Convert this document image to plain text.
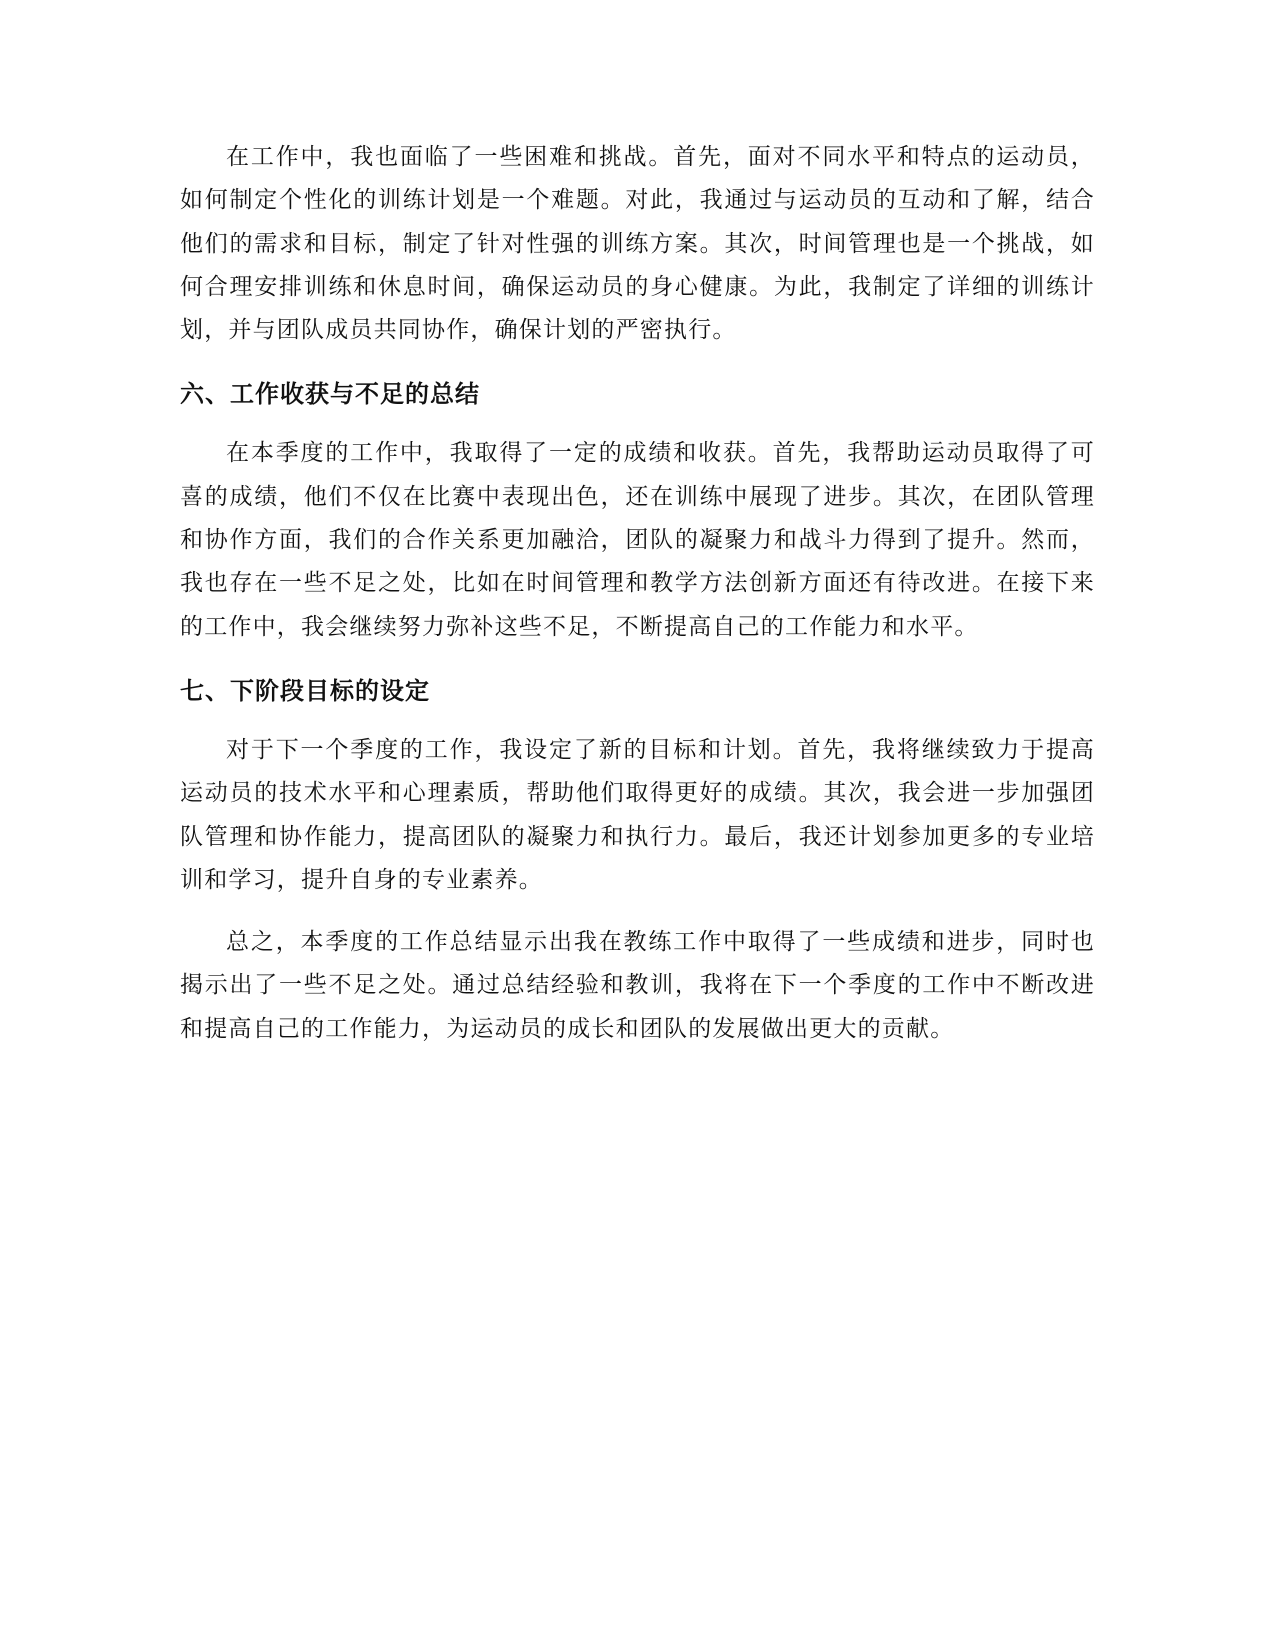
在工作中，我也面临了一些困难和挑战。首先，面对不同水平和特点的运动员，如何制定个性化的训练计划是一个难题。对此，我通过与运动员的互动和了解，结合他们的需求和目标，制定了针对性强的训练方案。其次，时间管理也是一个挑战，如何合理安排训练和休息时间，确保运动员的身心健康。为此，我制定了详细的训练计划，并与团队成员共同协作，确保计划的严密执行。

六、工作收获与不足的总结

在本季度的工作中，我取得了一定的成绩和收获。首先，我帮助运动员取得了可喜的成绩，他们不仅在比赛中表现出色，还在训练中展现了进步。其次，在团队管理和协作方面，我们的合作关系更加融洽，团队的凝聚力和战斗力得到了提升。然而，我也存在一些不足之处，比如在时间管理和教学方法创新方面还有待改进。在接下来的工作中，我会继续努力弥补这些不足，不断提高自己的工作能力和水平。

七、下阶段目标的设定

对于下一个季度的工作，我设定了新的目标和计划。首先，我将继续致力于提高运动员的技术水平和心理素质，帮助他们取得更好的成绩。其次，我会进一步加强团队管理和协作能力，提高团队的凝聚力和执行力。最后，我还计划参加更多的专业培训和学习，提升自身的专业素养。

总之，本季度的工作总结显示出我在教练工作中取得了一些成绩和进步，同时也揭示出了一些不足之处。通过总结经验和教训，我将在下一个季度的工作中不断改进和提高自己的工作能力，为运动员的成长和团队的发展做出更大的贡献。
